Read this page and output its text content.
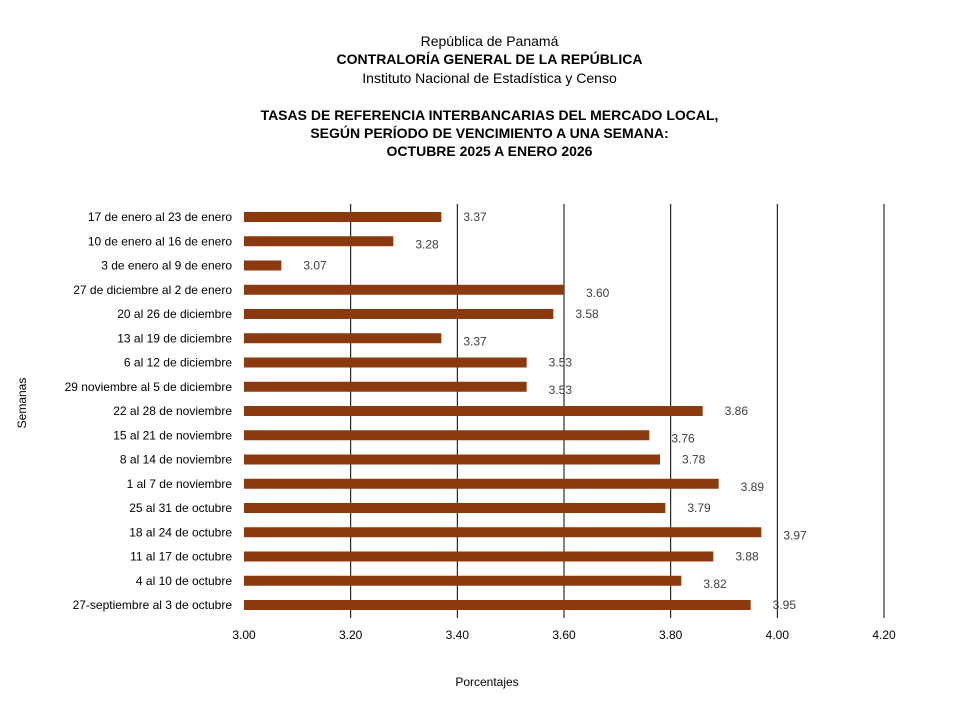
República de Panamá
CONTRALORÍA GENERAL DE LA REPÚBLICA
Instituto Nacional de Estadística y Censo
TASAS DE REFERENCIA INTERBANCARIAS DEL MERCADO LOCAL,
SEGÚN PERÍODO DE VENCIMIENTO A UNA SEMANA:
OCTUBRE 2025 A ENERO 2026
17 de enero al 23 de enero
10 de enero al 16 de enero
3 de enero al 9 de enero
27 de diciembre al 2 de enero
20 al 26 de diciembre
13 al 19 de diciembre
6 al 12 de diciembre
29 noviembre al 5 de diciembre
22 al 28 de noviembre
15 al 21 de noviembre
8 al 14 de noviembre
1 al 7 de noviembre
25 al 31 de octubre
18 al 24 de octubre
11 al 17 de octubre
4 al 10 de octubre
27-septiembre al 3 de octubre
3.37
3.28
3.07
3.60
3.58
3.37
3.53
3.53
3.86
3.76
3.78
3.89
3.79
3.97
3.88
3.82
3.95
3.00	3.20	3.40	3.60	3.80	4.00	4.20
Porcentajes
Semanas
